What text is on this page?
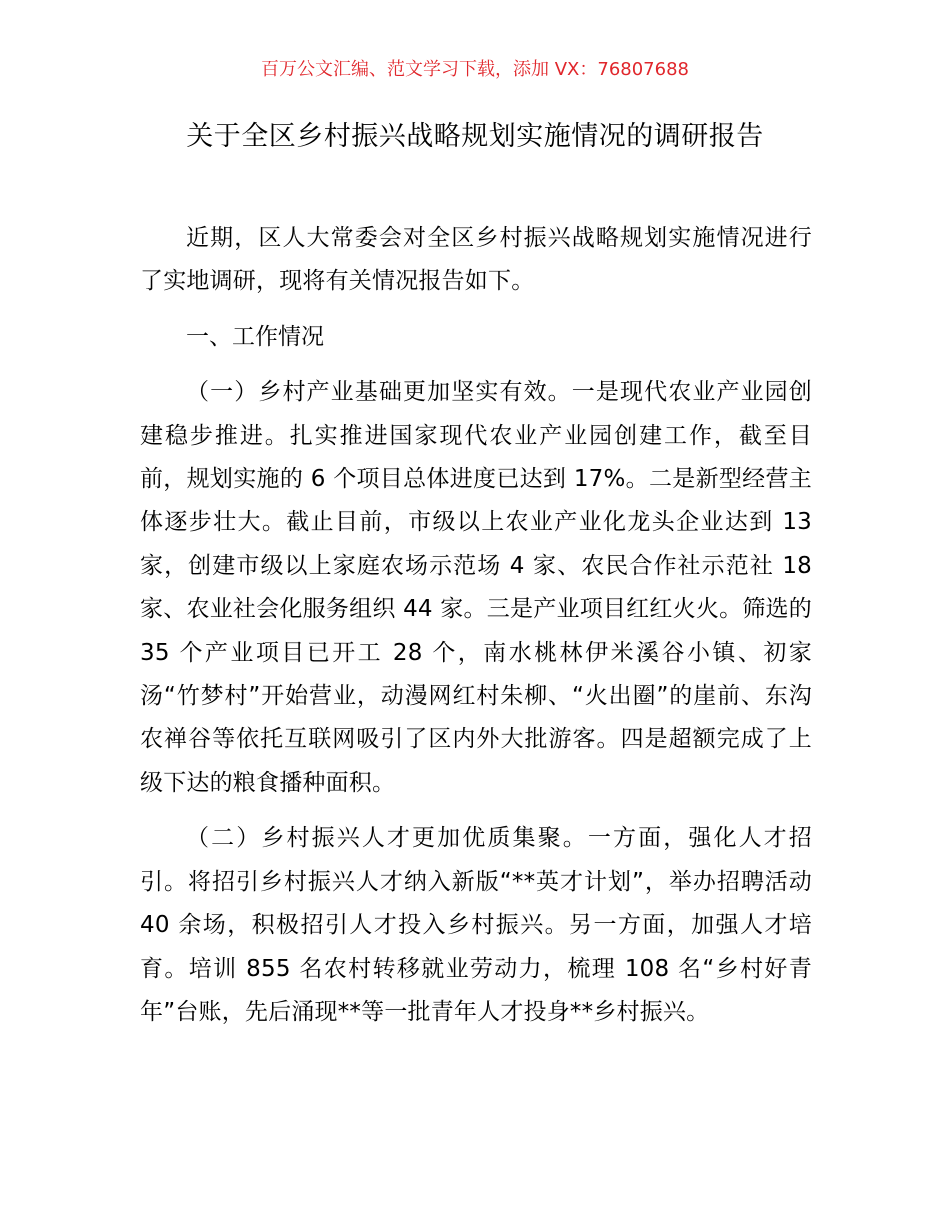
百万公文汇编、范文学习下载，添加 VX：76807688
关于全区乡村振兴战略规划实施情况的调研报告

近期，区人大常委会对全区乡村振兴战略规划实施情况进行了实地调研，现将有关情况报告如下。

一、工作情况

（一）乡村产业基础更加坚实有效。一是现代农业产业园创建稳步推进。扎实推进国家现代农业产业园创建工作，截至目前，规划实施的 6 个项目总体进度已达到 17%。二是新型经营主体逐步壮大。截止目前，市级以上农业产业化龙头企业达到 13 家，创建市级以上家庭农场示范场 4 家、农民合作社示范社 18 家、农业社会化服务组织 44 家。三是产业项目红红火火。筛选的 35 个产业项目已开工 28 个，南水桃林伊米溪谷小镇、初家汤“竹梦村”开始营业，动漫网红村朱柳、“火出圈”的崖前、东沟农禅谷等依托互联网吸引了区内外大批游客。四是超额完成了上级下达的粮食播种面积。

（二）乡村振兴人才更加优质集聚。一方面，强化人才招引。将招引乡村振兴人才纳入新版“**英才计划”，举办招聘活动 40 余场，积极招引人才投入乡村振兴。另一方面，加强人才培育。培训 855 名农村转移就业劳动力，梳理 108 名“乡村好青年”台账，先后涌现**等一批青年人才投身**乡村振兴。
